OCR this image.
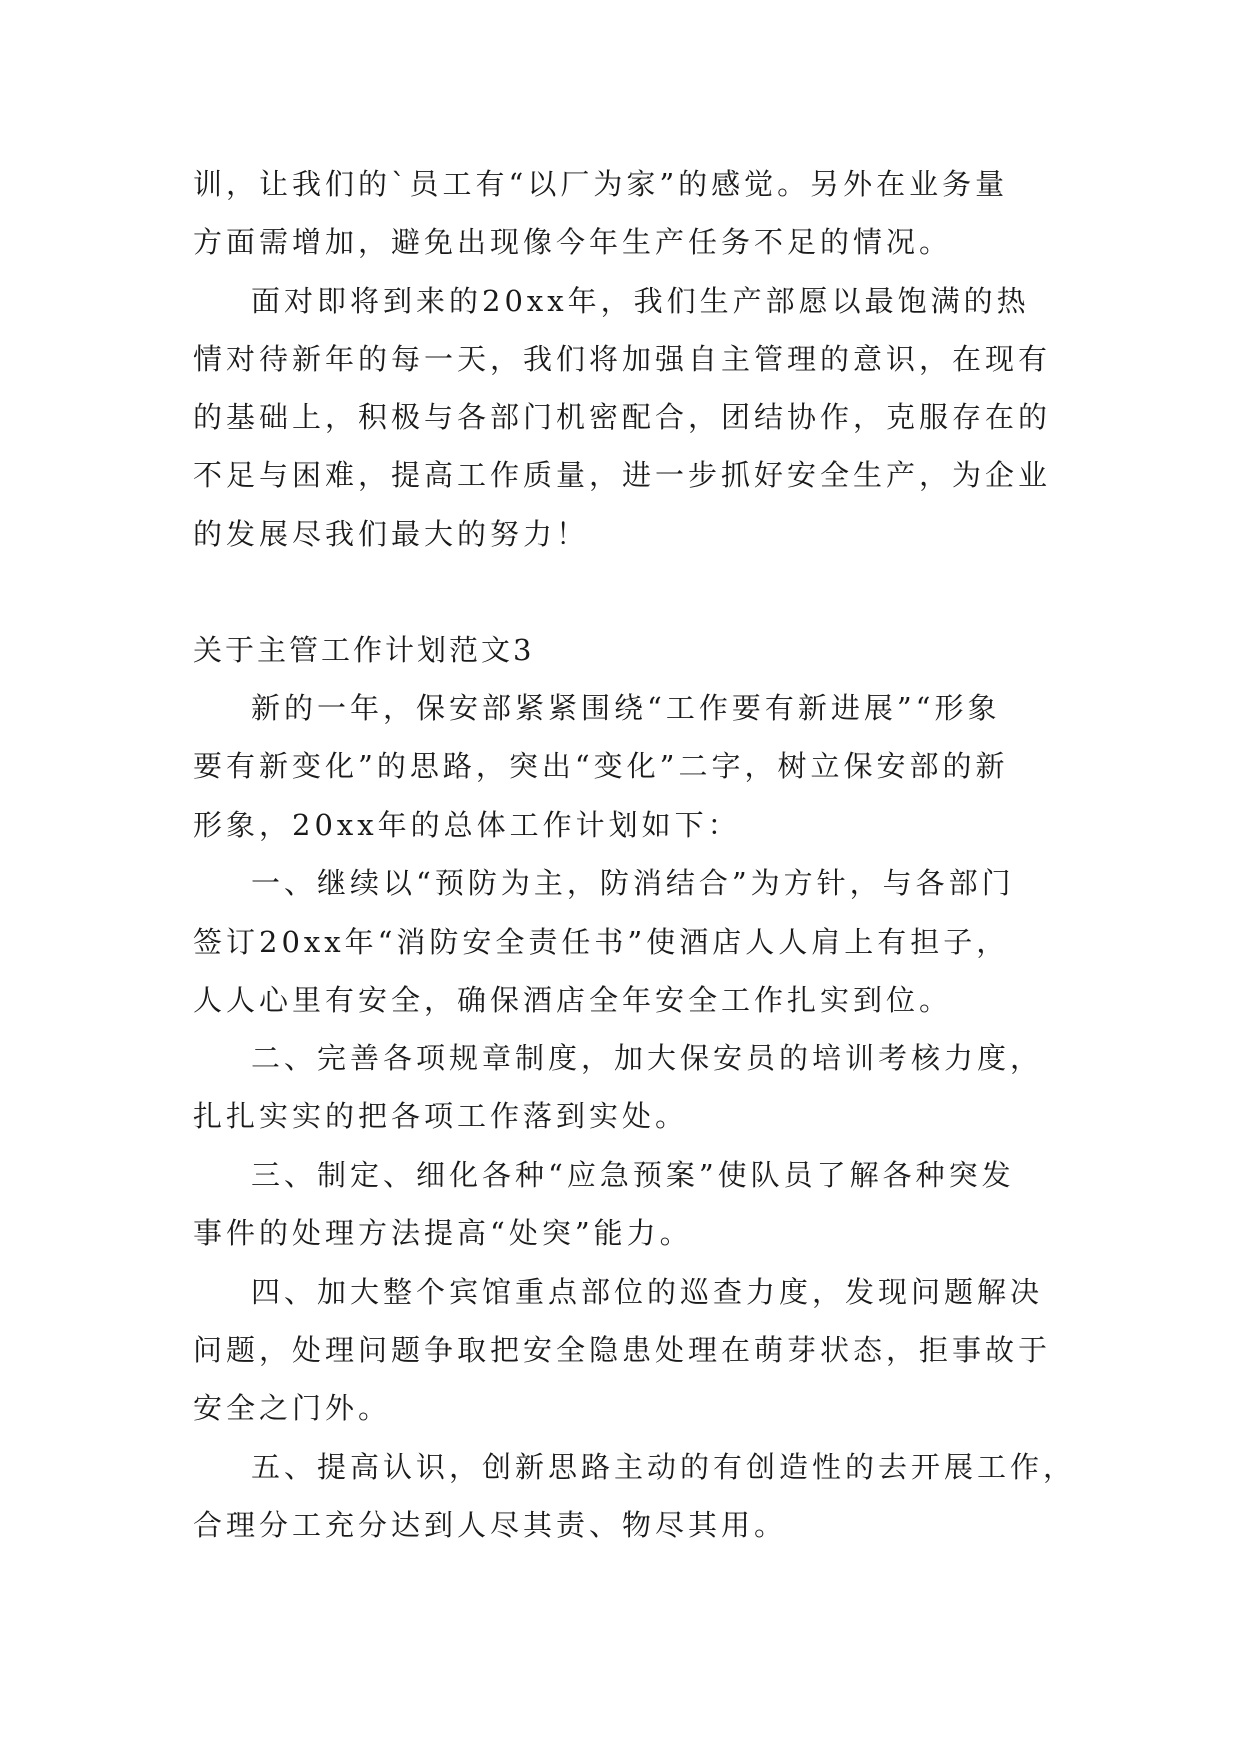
训，让我们的`员工有“以厂为家”的感觉。另外在业务量
方面需增加，避免出现像今年生产任务不足的情况。
面对即将到来的20xx年，我们生产部愿以最饱满的热
情对待新年的每一天，我们将加强自主管理的意识，在现有
的基础上，积极与各部门机密配合，团结协作，克服存在的
不足与困难，提高工作质量，进一步抓好安全生产，为企业
的发展尽我们最大的努力！
关于主管工作计划范文3
新的一年，保安部紧紧围绕“工作要有新进展”“形象
要有新变化”的思路，突出“变化”二字，树立保安部的新
形象，20xx年的总体工作计划如下：
一、继续以“预防为主，防消结合”为方针，与各部门
签订20xx年“消防安全责任书”使酒店人人肩上有担子，
人人心里有安全，确保酒店全年安全工作扎实到位。
二、完善各项规章制度，加大保安员的培训考核力度，
扎扎实实的把各项工作落到实处。
三、制定、细化各种“应急预案”使队员了解各种突发
事件的处理方法提高“处突”能力。
四、加大整个宾馆重点部位的巡查力度，发现问题解决
问题，处理问题争取把安全隐患处理在萌芽状态，拒事故于
安全之门外。
五、提高认识，创新思路主动的有创造性的去开展工作，
合理分工充分达到人尽其责、物尽其用。
